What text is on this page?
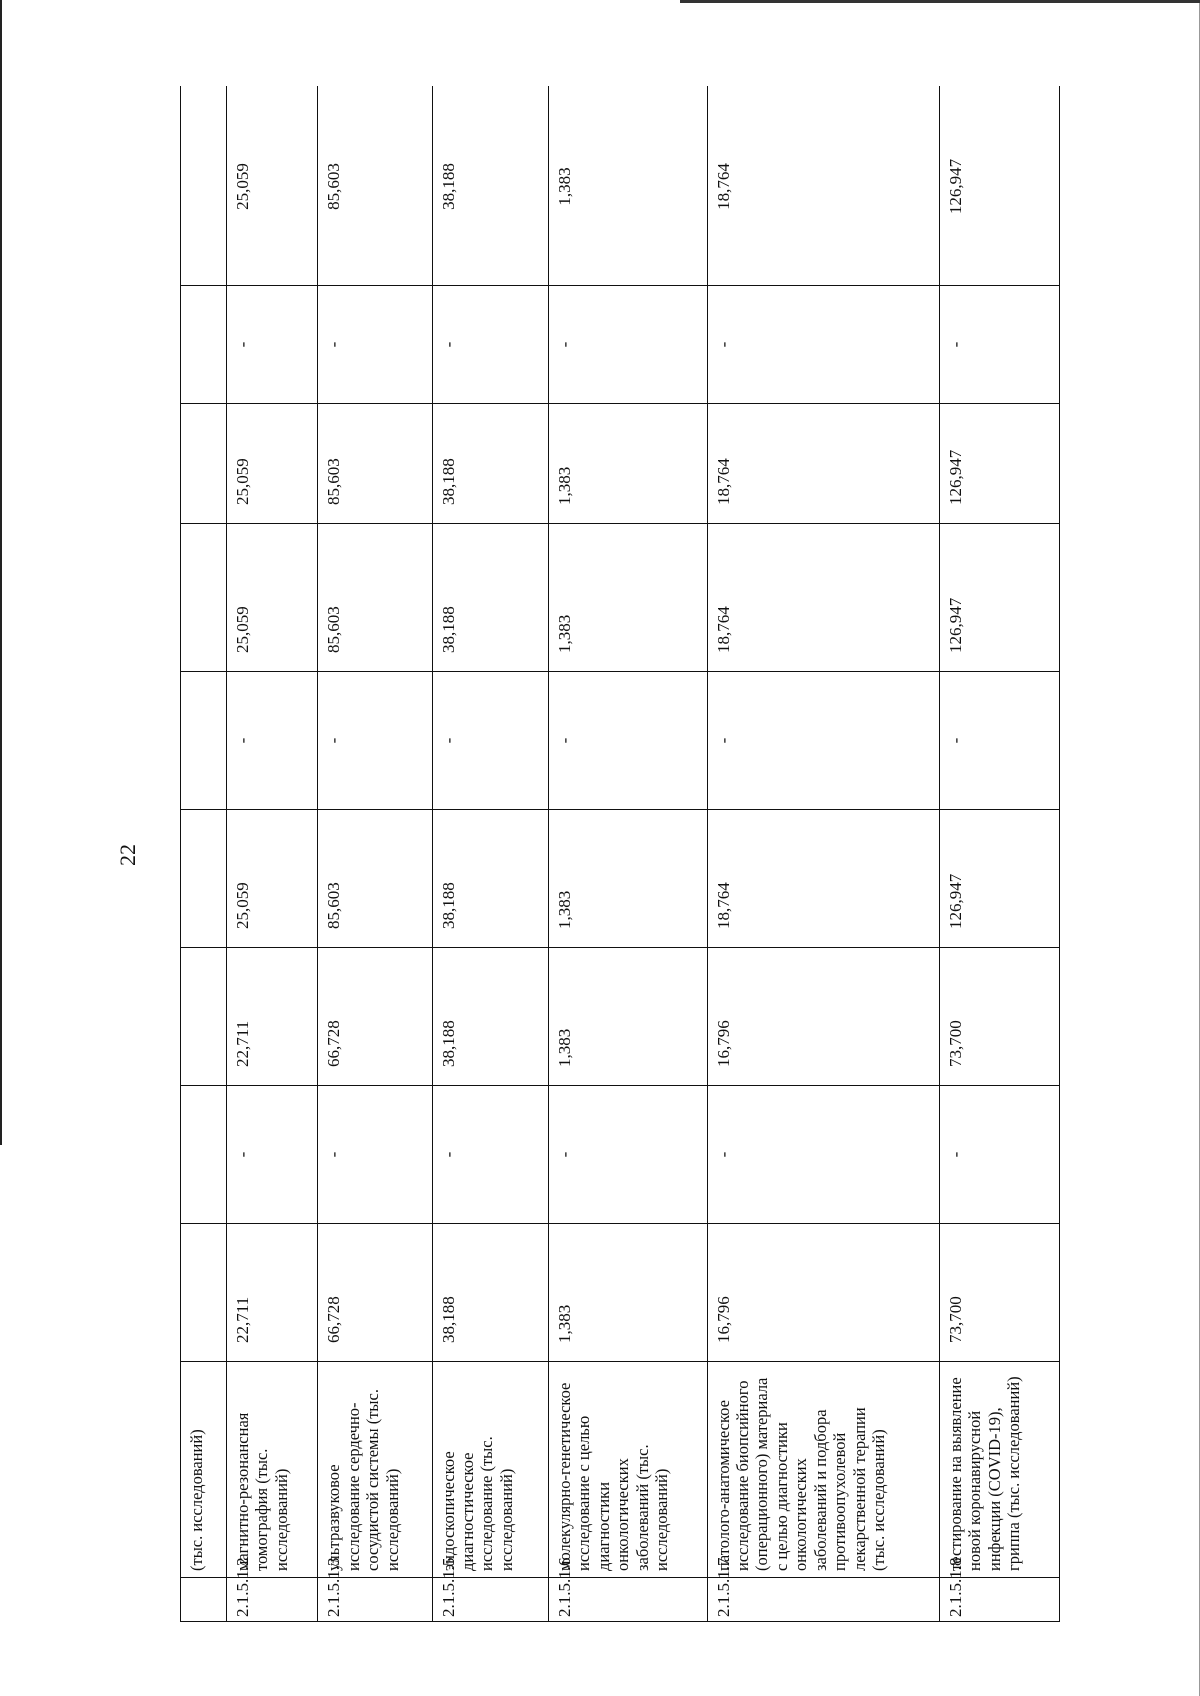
22
	(тыс. исследований)									
2.1.5.1.2	магнитно-резонансная томография (тыс. исследований)	22,711	-	22,711	25,059	-	25,059	25,059	-	25,059
2.1.5.1.3	ультразвуковое исследование сердечно-сосудистой системы (тыс. исследований)	66,728	-	66,728	85,603	-	85,603	85,603	-	85,603
2.1.5.1.5	эндоскопическое диагностическое исследование (тыс. исследований)	38,188	-	38,188	38,188	-	38,188	38,188	-	38,188
2.1.5.1.6	молекулярно-генетическое исследование с целью диагностики онкологических заболеваний (тыс. исследований)	1,383	-	1,383	1,383	-	1,383	1,383	-	1,383
2.1.5.1.7	патолого-анатомическое исследование биопсийного (операционного) материала с целью диагностики онкологических заболеваний и подбора противоопухолевой лекарственной терапии (тыс. исследований)	16,796	-	16,796	18,764	-	18,764	18,764	-	18,764
2.1.5.1.8	тестирование на выявление новой коронавирусной инфекции (COVID-19), гриппа (тыс. исследований)	73,700	-	73,700	126,947	-	126,947	126,947	-	126,947
